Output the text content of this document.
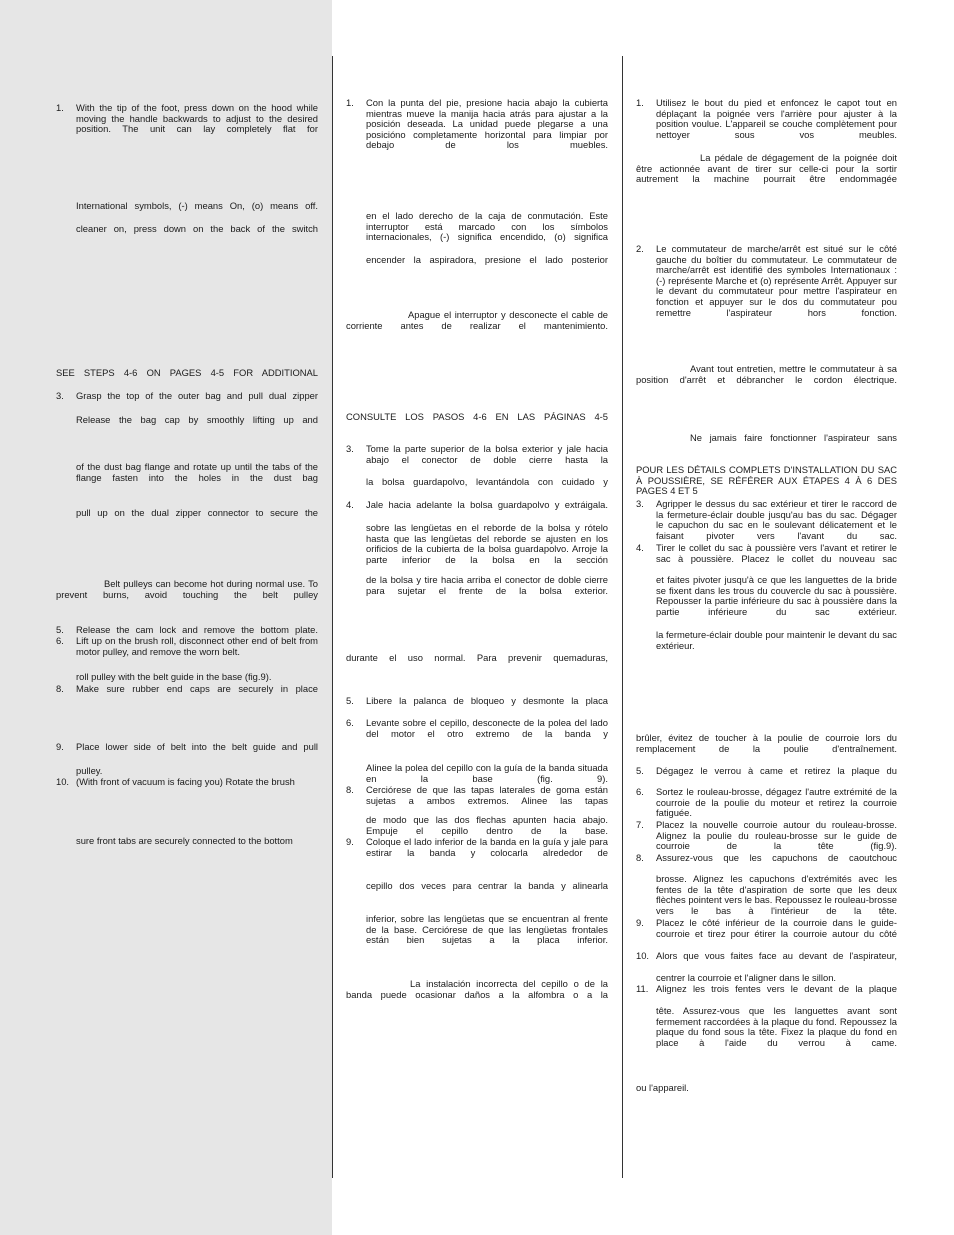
1. With the tip of the foot, press down on the hood while moving the handle backwards to adjust to the desired position. The unit can lay completely flat for

International symbols, (-) means On, (o) means off.

cleaner on, press down on the back of the switch

SEE STEPS 4-6 ON PAGES 4-5 FOR ADDITIONAL

3. Grasp the top of the outer bag and pull dual zipper

Release the bag cap by smoothly lifting up and

of the dust bag flange and rotate up until the tabs of the flange fasten into the holes in the dust bag

pull up on the dual zipper connector to secure the

Belt pulleys can become hot during normal use. To prevent burns, avoid touching the belt pulley

5. Release the cam lock and remove the bottom plate.

6. Lift up on the brush roll, disconnect other end of belt from motor pulley, and remove the worn belt.

roll pulley with the belt guide in the base (fig.9).

8. Make sure rubber end caps are securely in place

9. Place lower side of belt into the belt guide and pull

pulley.

10. (With front of vacuum is facing you) Rotate the brush

sure front tabs are securely connected to the bottom

1. Con la punta del pie, presione hacia abajo la cubierta mientras mueve la manija hacia atrás para ajustar a la posición deseada. La unidad puede plegarse a una posicióno completamente horizontal para limpiar por debajo de los muebles.

en el lado derecho de la caja de conmutación. Este interruptor está marcado con los símbolos internacionales, (-) significa encendido, (o) significa

encender la aspiradora, presione el lado posterior

Apague el interruptor y desconecte el cable de corriente antes de realizar el mantenimiento.

CONSULTE LOS PASOS 4-6 EN LAS PÁGINAS 4-5

3. Tome la parte superior de la bolsa exterior y jale hacia abajo el conector de doble cierre hasta la

la bolsa guardapolvo, levantándola con cuidado y

4. Jale hacia adelante la bolsa guardapolvo y extráigala.

sobre las lengüetas en el reborde de la bolsa y rótelo hasta que las lengüetas del reborde se ajusten en los orificios de la cubierta de la bolsa guardapolvo. Arroje la parte inferior de la bolsa en la sección

de la bolsa y tire hacia arriba el conector de doble cierre para sujetar el frente de la bolsa exterior.

durante el uso normal. Para prevenir quemaduras,

5. Libere la palanca de bloqueo y desmonte la placa

6. Levante sobre el cepillo, desconecte de la polea del lado del motor el otro extremo de la banda y

Alinee la polea del cepillo con la guía de la banda situada en la base (fig. 9).

8. Cerciórese de que las tapas laterales de goma están sujetas a ambos extremos. Alinee las tapas

de modo que las dos flechas apunten hacia abajo. Empuje el cepillo dentro de la base.

9. Coloque el lado inferior de la banda en la guía y jale para estirar la banda y colocarla alrededor de

cepillo dos veces para centrar la banda y alinearla

inferior, sobre las lengüetas que se encuentran al frente de la base. Cerciórese de que las lengüetas frontales están bien sujetas a la placa inferior.

La instalación incorrecta del cepillo o de la banda puede ocasionar daños a la alfombra o a la

1. Utilisez le bout du pied et enfoncez le capot tout en déplaçant la poignée vers l'arrière pour ajuster à la position voulue. L'appareil se couche complètement pour nettoyer sous vos meubles.

La pédale de dégagement de la poignée doit être actionnée avant de tirer sur celle-ci pour la sortir autrement la machine pourrait être endommagée

2. Le commutateur de marche/arrêt est situé sur le côté gauche du boîtier du commutateur. Le commutateur de marche/arrêt est identifié des symboles Internationaux : (-) représente Marche et (o) représente Arrêt. Appuyer sur le devant du commutateur pour mettre l'aspirateur en fonction et appuyer sur le dos du commutateur pou remettre l'aspirateur hors fonction.

Avant tout entretien, mettre le commutateur à sa position d'arrêt et débrancher le cordon électrique.

Ne jamais faire fonctionner l'aspirateur sans

POUR LES DÉTAILS COMPLETS D'INSTALLATION DU SAC À POUSSIÈRE, SE RÉFÉRER AUX ÉTAPES 4 À 6 DES PAGES 4 ET 5

3. Agripper le dessus du sac extérieur et tirer le raccord de la fermeture-éclair double jusqu'au bas du sac. Dégager le capuchon du sac en le soulevant délicatement et le faisant pivoter vers l'avant du sac.

4. Tirer le collet du sac à poussière vers l'avant et retirer le sac à poussière. Placez le collet du nouveau sac

et faites pivoter jusqu'à ce que les languettes de la bride se fixent dans les trous du couvercle du sac à poussière. Repousser la partie inférieure du sac à poussière dans la partie inférieure du sac extérieur.

la fermeture-éclair double pour maintenir le devant du sac extérieur.

brûler, évitez de toucher à la poulie de courroie lors du remplacement de la poulie d'entraînement.

5. Dégagez le verrou à came et retirez la plaque du

6. Sortez le rouleau-brosse, dégagez l'autre extrémité de la courroie de la poulie du moteur et retirez la courroie fatiguée.

7. Placez la nouvelle courroie autour du rouleau-brosse. Alignez la poulie du rouleau-brosse sur le guide de courroie de la tête (fig.9).

8. Assurez-vous que les capuchons de caoutchouc

brosse. Alignez les capuchons d'extrémités avec les fentes de la tête d'aspiration de sorte que les deux flèches pointent vers le bas. Repoussez le rouleau-brosse vers le bas à l'intérieur de la tête.

9. Placez le côté inférieur de la courroie dans le guide-courroie et tirez pour étirer la courroie autour du côté

10. Alors que vous faites face au devant de l'aspirateur,

centrer la courroie et l'aligner dans le sillon.

11. Alignez les trois fentes vers le devant de la plaque

tête. Assurez-vous que les languettes avant sont fermement raccordées à la plaque du fond. Repoussez la plaque du fond sous la tête. Fixez la plaque du fond en place à l'aide du verrou à came.

ou l'appareil.
